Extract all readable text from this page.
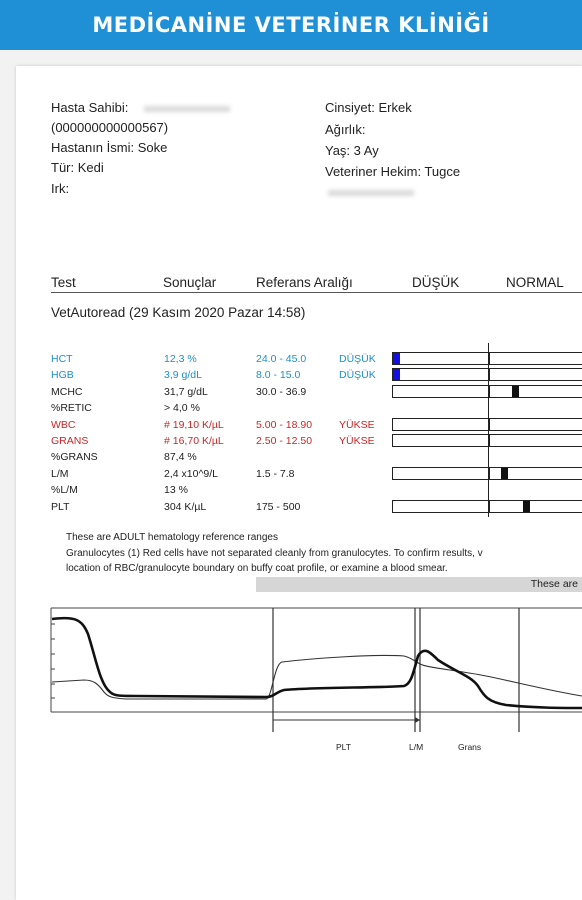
MEDİCANİNE VETERİNER KLİNİĞİ
Hasta Sahibi:
(000000000000567)
Hastanın İsmi: Soke
Tür: Kedi
Irk:
Cinsiyet: Erkek
Ağırlık:
Yaş: 3 Ay
Veteriner Hekim: Tugce
Test	Sonuçlar	Referans Aralığı	DÜŞÜK	NORMAL
VetAutoread (29 Kasım 2020 Pazar 14:58)
HCT	12,3 %	24.0 - 45.0	DÜŞÜK
HGB	3,9 g/dL	8.0 - 15.0	DÜŞÜK
MCHC	31,7 g/dL	30.0 - 36.9
%RETIC	> 4,0 %
WBC	# 19,10 K/µL	5.00 - 18.90	YÜKSE
GRANS	# 16,70 K/µL	2.50 - 12.50	YÜKSE
%GRANS	87,4 %
L/M	2,4 x10^9/L	1.5 - 7.8
%L/M	13 %
PLT	304 K/µL	175 - 500
These are ADULT hematology reference ranges
Granulocytes (1) Red cells have not separated cleanly from granulocytes. To confirm results, v
location of RBC/granulocyte boundary on buffy coat profile, or examine a blood smear.
These are
PLT	L/M	Grans
